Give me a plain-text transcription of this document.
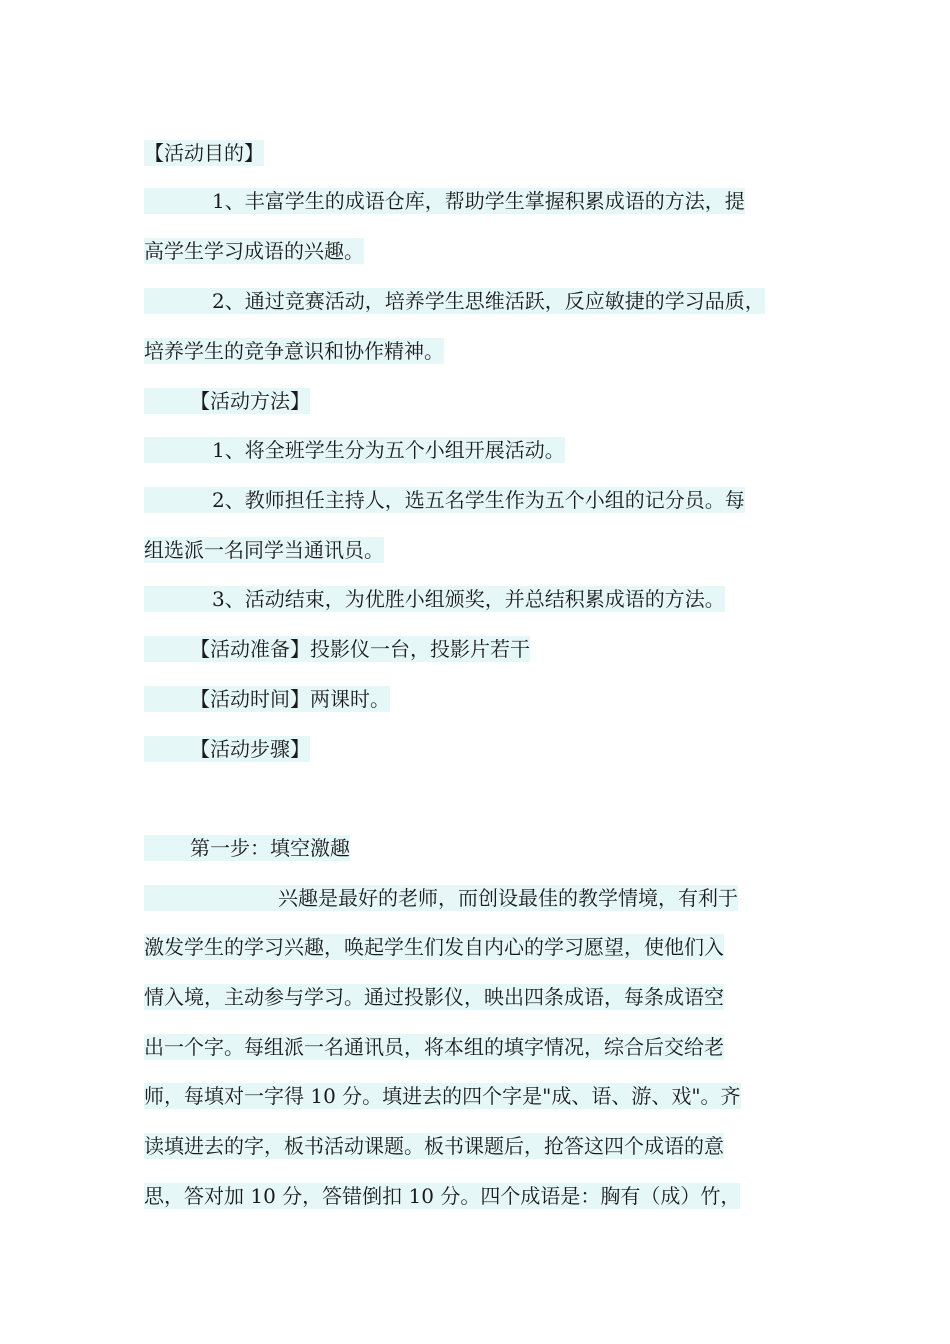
【活动目的】
1、丰富学生的成语仓库，帮助学生掌握积累成语的方法，提
高学生学习成语的兴趣。
2、通过竞赛活动，培养学生思维活跃，反应敏捷的学习品质，
培养学生的竞争意识和协作精神。
【活动方法】
1、将全班学生分为五个小组开展活动。
2、教师担任主持人，选五名学生作为五个小组的记分员。每
组选派一名同学当通讯员。
3、活动结束，为优胜小组颁奖，并总结积累成语的方法。
【活动准备】投影仪一台，投影片若干
【活动时间】两课时。
【活动步骤】
第一步：填空激趣
兴趣是最好的老师，而创设最佳的教学情境，有利于
激发学生的学习兴趣，唤起学生们发自内心的学习愿望，使他们入
情入境，主动参与学习。通过投影仪，映出四条成语，每条成语空
出一个字。每组派一名通讯员，将本组的填字情况，综合后交给老
师，每填对一字得 10 分。填进去的四个字是"成、语、游、戏"。齐
读填进去的字，板书活动课题。板书课题后，抢答这四个成语的意
思，答对加 10 分，答错倒扣 10 分。四个成语是：胸有（成）竹，
